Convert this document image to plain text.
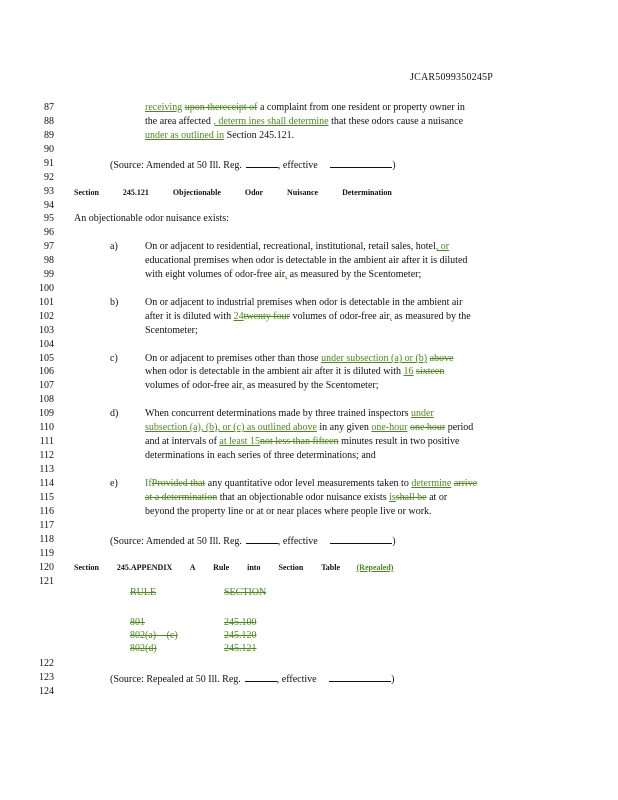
JCAR5099350245P
87
88
89
90
91
92
93
94
95
96
97
98
99
100
101
102
103
104
105
106
107
108
109
110
111
112
113
114
115
116
117
118
119
120
121
122
123
124
receiving upon thereceipt of a complaint from one resident or property owner in
the area affected , determ ines shall determine that these odors cause a nuisance
under as outlined in Section 245.121.
(Source: Amended at 50 Ill. Reg.	, effective	)
Section 245.121 Objectionable Odor Nuisance Determination
An objectionable odor nuisance exists:
a)	On or adjacent to residential, recreational, institutional, retail sales, hotel, or
educational premises when odor is detectable in the ambient air after it is diluted
with eight volumes of odor-free air, as measured by the Scentometer;
b)	On or adjacent to industrial premises when odor is detectable in the ambient air
after it is diluted with 24twenty four volumes of odor-free air, as measured by the
Scentometer;
c)	On or adjacent to premises other than those under subsection (a) or (b) above
when odor is detectable in the ambient air after it is diluted with 16 sixteen
volumes of odor-free air, as measured by the Scentometer;
d)	When concurrent determinations made by three trained inspectors under
subsection (a), (b), or (c) as outlined above in any given one-hour one hour period
and at intervals of at least 15not less than fifteen minutes result in two positive
determinations in each series of three determinations; and
e)	IfProvided that any quantitative odor level measurements taken to determine arrive
at a determination that an objectionable odor nuisance exists isshall be at or
beyond the property line or at or near places where people live or work.
(Source: Amended at 50 Ill. Reg.	, effective	)
Section 245.APPENDIX A Rule into Section Table (Repealed)
RULE	SECTION
801	245.100
802(a) (c)	245.120
802(d)	245.121
(Source: Repealed at 50 Ill. Reg.	, effective	)
